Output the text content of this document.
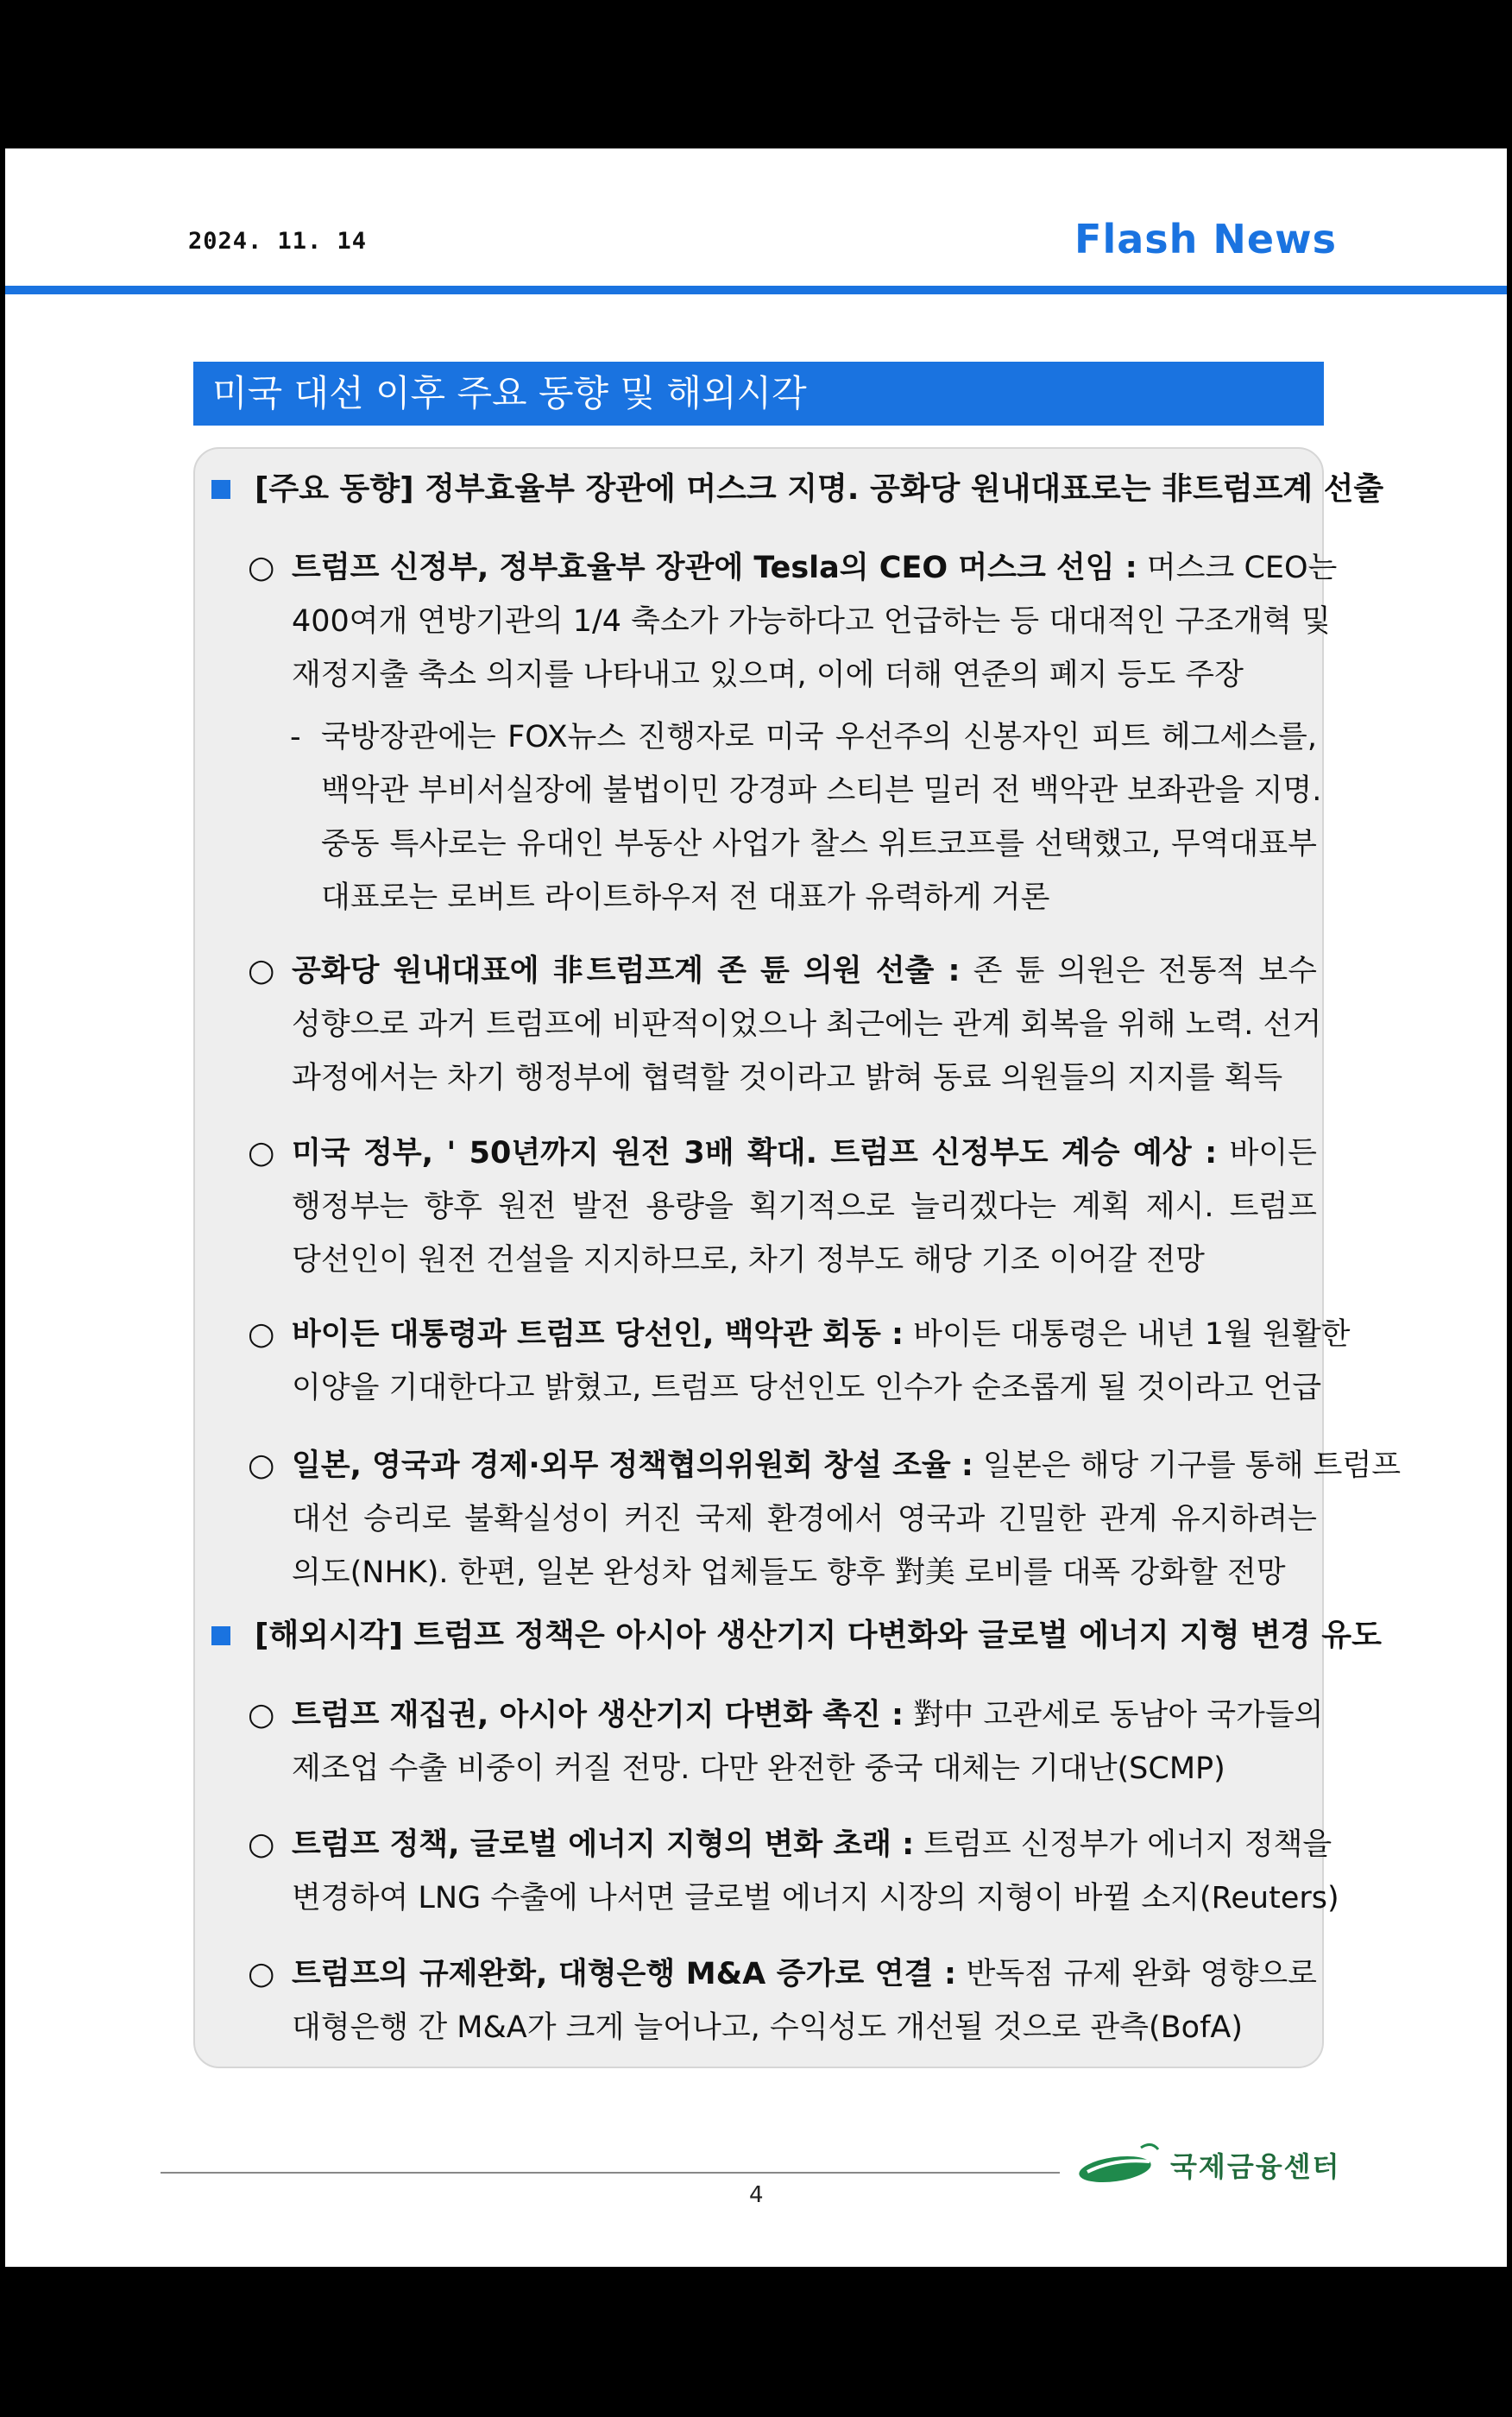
2024. 11. 14	Flash News
미국 대선 이후 주요 동향 및 해외시각
[주요 동향] 정부효율부 장관에 머스크 지명. 공화당 원내대표로는 非트럼프계 선출
○ 트럼프 신정부, 정부효율부 장관에 Tesla의 CEO 머스크 선임 : 머스크 CEO는
400여개 연방기관의 1/4 축소가 가능하다고 언급하는 등 대대적인 구조개혁 및
재정지출 축소 의지를 나타내고 있으며, 이에 더해 연준의 폐지 등도 주장
- 국방장관에는 FOX뉴스 진행자로 미국 우선주의 신봉자인 피트 헤그세스를,
백악관 부비서실장에 불법이민 강경파 스티븐 밀러 전 백악관 보좌관을 지명.
중동 특사로는 유대인 부동산 사업가 찰스 위트코프를 선택했고, 무역대표부
대표로는 로버트 라이트하우저 전 대표가 유력하게 거론
○ 공화당 원내대표에 非트럼프계 존 튠 의원 선출 : 존 튠 의원은 전통적 보수
성향으로 과거 트럼프에 비판적이었으나 최근에는 관계 회복을 위해 노력. 선거
과정에서는 차기 행정부에 협력할 것이라고 밝혀 동료 의원들의 지지를 획득
○ 미국 정부, ' 50년까지 원전 3배 확대. 트럼프 신정부도 계승 예상 : 바이든
행정부는 향후 원전 발전 용량을 획기적으로 늘리겠다는 계획 제시. 트럼프
당선인이 원전 건설을 지지하므로, 차기 정부도 해당 기조 이어갈 전망
○ 바이든 대통령과 트럼프 당선인, 백악관 회동 : 바이든 대통령은 내년 1월 원활한
이양을 기대한다고 밝혔고, 트럼프 당선인도 인수가 순조롭게 될 것이라고 언급
○ 일본, 영국과 경제·외무 정책협의위원회 창설 조율 : 일본은 해당 기구를 통해 트럼프
대선 승리로 불확실성이 커진 국제 환경에서 영국과 긴밀한 관계 유지하려는
의도(NHK). 한편, 일본 완성차 업체들도 향후 對美 로비를 대폭 강화할 전망
[해외시각] 트럼프 정책은 아시아 생산기지 다변화와 글로벌 에너지 지형 변경 유도
○ 트럼프 재집권, 아시아 생산기지 다변화 촉진 : 對中 고관세로 동남아 국가들의
제조업 수출 비중이 커질 전망. 다만 완전한 중국 대체는 기대난(SCMP)
○ 트럼프 정책, 글로벌 에너지 지형의 변화 초래 : 트럼프 신정부가 에너지 정책을
변경하여 LNG 수출에 나서면 글로벌 에너지 시장의 지형이 바뀔 소지(Reuters)
○ 트럼프의 규제완화, 대형은행 M&A 증가로 연결 : 반독점 규제 완화 영향으로
대형은행 간 M&A가 크게 늘어나고, 수익성도 개선될 것으로 관측(BofA)
4
국제금융센터
